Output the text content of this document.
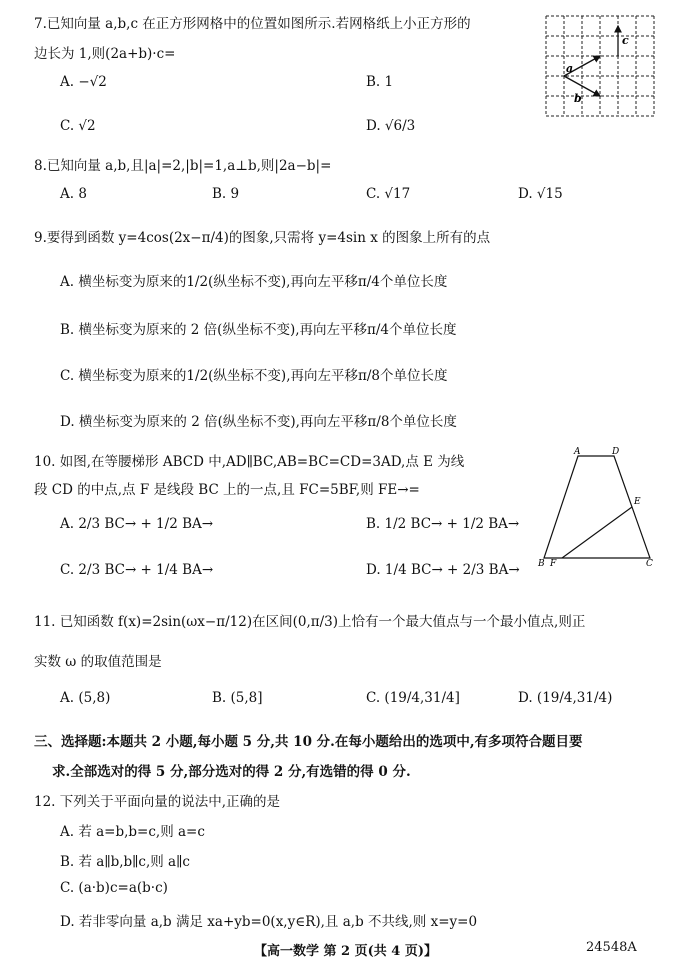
7.已知向量 a,b,c 在正方形网格中的位置如图所示.若网格纸上小正方形的
边长为 1,则(2a+b)·c=
A. −√2	B. 1
C. √2	D. √6/3
a
b
c
8.已知向量 a,b,且|a|=2,|b|=1,a⊥b,则|2a−b|=
A. 8	B. 9	C. √17	D. √15
9.要得到函数 y=4cos(2x−π/4)的图象,只需将 y=4sin x 的图象上所有的点
A. 横坐标变为原来的1/2(纵坐标不变),再向左平移π/4个单位长度
B. 横坐标变为原来的 2 倍(纵坐标不变),再向左平移π/4个单位长度
C. 横坐标变为原来的1/2(纵坐标不变),再向左平移π/8个单位长度
D. 横坐标变为原来的 2 倍(纵坐标不变),再向左平移π/8个单位长度
10. 如图,在等腰梯形 ABCD 中,AD∥BC,AB=BC=CD=3AD,点 E 为线
段 CD 的中点,点 F 是线段 BC 上的一点,且 FC=5BF,则 FE→=
A. 2/3 BC→ + 1/2 BA→	B. 1/2 BC→ + 1/2 BA→
C. 2/3 BC→ + 1/4 BA→	D. 1/4 BC→ + 2/3 BA→
A	D
E
B F	C
11. 已知函数 f(x)=2sin(ωx−π/12)在区间(0,π/3)上恰有一个最大值点与一个最小值点,则正
实数 ω 的取值范围是
A. (5,8)	B. (5,8]	C. (19/4,31/4]	D. (19/4,31/4)
三、选择题:本题共 2 小题,每小题 5 分,共 10 分.在每小题给出的选项中,有多项符合题目要
求.全部选对的得 5 分,部分选对的得 2 分,有选错的得 0 分.
12. 下列关于平面向量的说法中,正确的是
A. 若 a=b,b=c,则 a=c
B. 若 a∥b,b∥c,则 a∥c
C. (a·b)c=a(b·c)
D. 若非零向量 a,b 满足 xa+yb=0(x,y∈R),且 a,b 不共线,则 x=y=0
【高一数学 第 2 页(共 4 页)】	24548A
